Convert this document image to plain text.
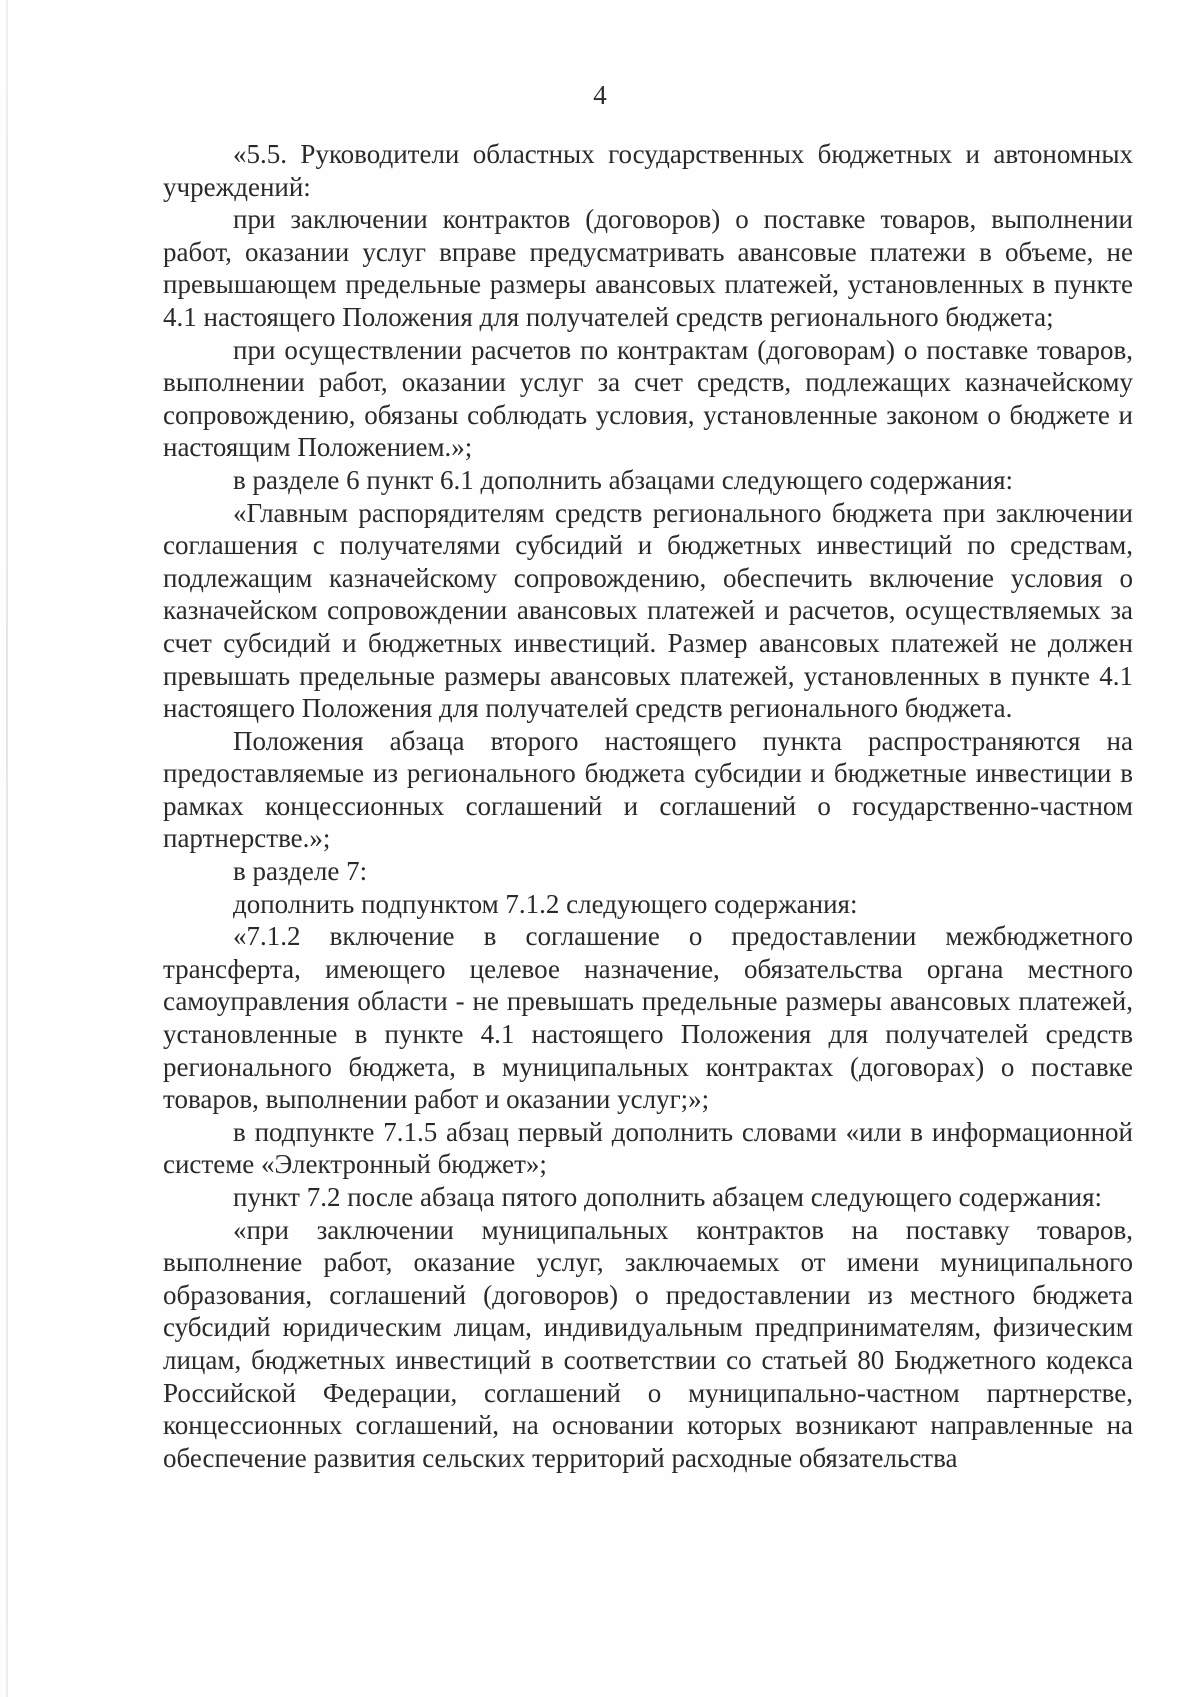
4

«5.5. Руководители областных государственных бюджетных и автономных учреждений:

при заключении контрактов (договоров) о поставке товаров, выполнении работ, оказании услуг вправе предусматривать авансовые платежи в объеме, не превышающем предельные размеры авансовых платежей, установленных в пункте 4.1 настоящего Положения для получателей средств регионального бюджета;

при осуществлении расчетов по контрактам (договорам) о поставке товаров, выполнении работ, оказании услуг за счет средств, подлежащих казначейскому сопровождению, обязаны соблюдать условия, установленные законом о бюджете и настоящим Положением.»;

в разделе 6 пункт 6.1 дополнить абзацами следующего содержания:

«Главным распорядителям средств регионального бюджета при заключении соглашения с получателями субсидий и бюджетных инвестиций по средствам, подлежащим казначейскому сопровождению, обеспечить включение условия о казначейском сопровождении авансовых платежей и расчетов, осуществляемых за счет субсидий и бюджетных инвестиций. Размер авансовых платежей не должен превышать предельные размеры авансовых платежей, установленных в пункте 4.1 настоящего Положения для получателей средств регионального бюджета.

Положения абзаца второго настоящего пункта распространяются на предоставляемые из регионального бюджета субсидии и бюджетные инвестиции в рамках концессионных соглашений и соглашений о государственно-частном партнерстве.»;

в разделе 7:

дополнить подпунктом 7.1.2 следующего содержания:

«7.1.2 включение в соглашение о предоставлении межбюджетного трансферта, имеющего целевое назначение, обязательства органа местного самоуправления области - не превышать предельные размеры авансовых платежей, установленные в пункте 4.1 настоящего Положения для получателей средств регионального бюджета, в муниципальных контрактах (договорах) о поставке товаров, выполнении работ и оказании услуг;»;

в подпункте 7.1.5 абзац первый дополнить словами «или в информационной системе «Электронный бюджет»;

пункт 7.2 после абзаца пятого дополнить абзацем следующего содержания:

«при заключении муниципальных контрактов на поставку товаров, выполнение работ, оказание услуг, заключаемых от имени муниципального образования, соглашений (договоров) о предоставлении из местного бюджета субсидий юридическим лицам, индивидуальным предпринимателям, физическим лицам, бюджетных инвестиций в соответствии со статьей 80 Бюджетного кодекса Российской Федерации, соглашений о муниципально-частном партнерстве, концессионных соглашений, на основании которых возникают направленные на обеспечение развития сельских территорий расходные обязательства
